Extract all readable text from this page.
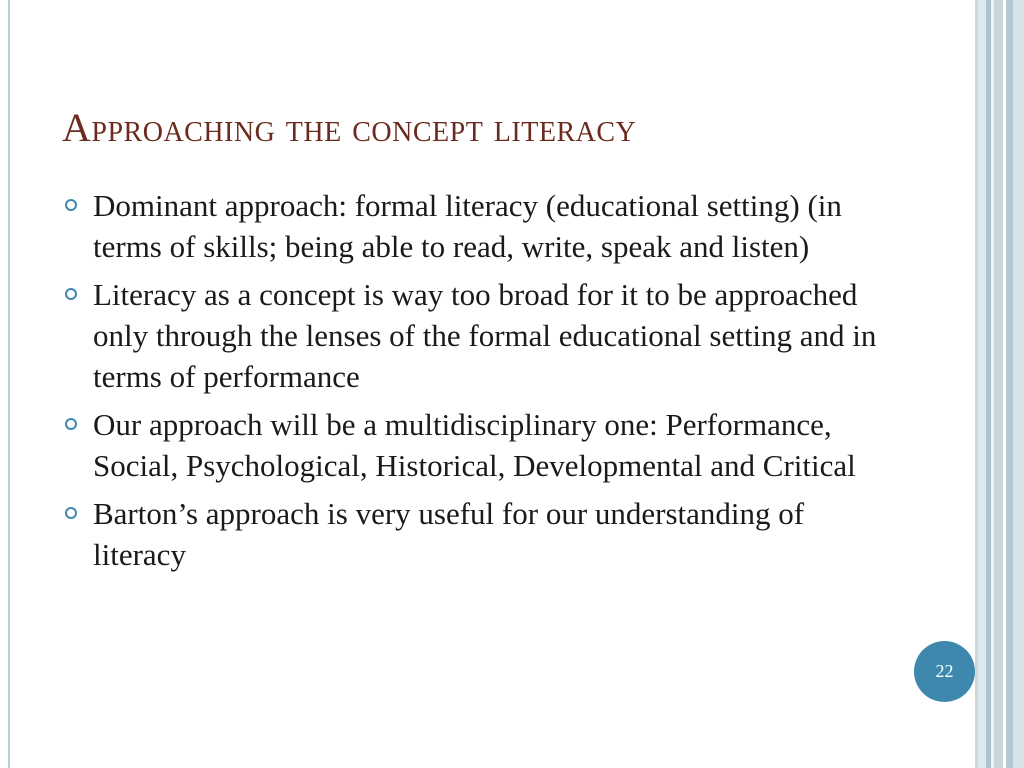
Approaching the concept literacy
Dominant approach: formal literacy (educational setting) (in terms of skills; being able to read, write, speak and listen)
Literacy as a concept is way too broad for it to be approached only through the lenses of the formal educational setting and in terms of performance
Our approach will be a multidisciplinary one: Performance, Social, Psychological, Historical, Developmental and Critical
Barton’s approach is very useful for our understanding of literacy
22
